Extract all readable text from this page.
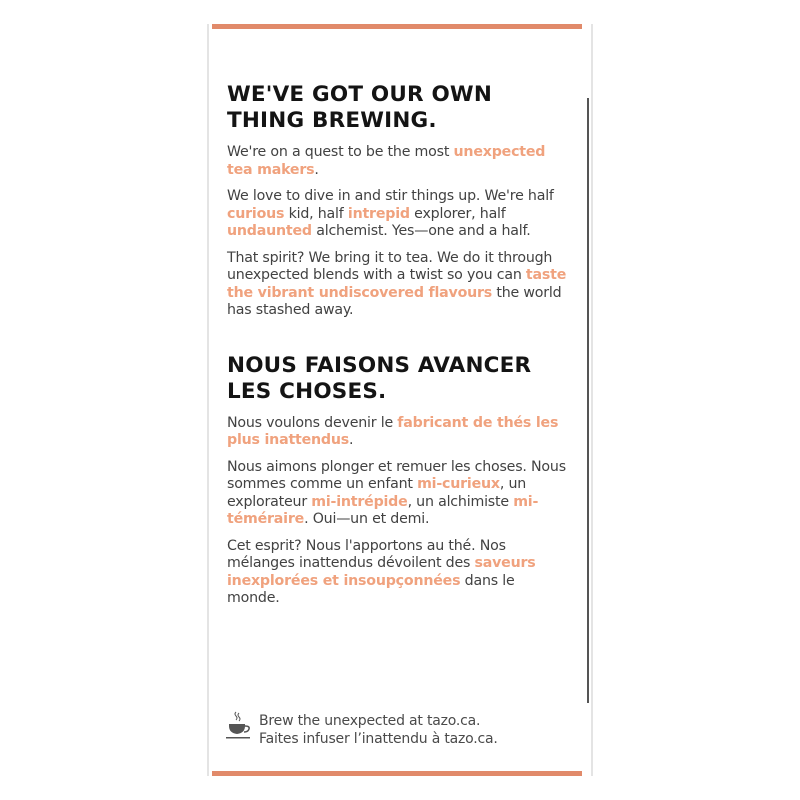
WE'VE GOT OUR OWN
THING BREWING.

We're on a quest to be the most unexpected tea makers.

We love to dive in and stir things up. We're half curious kid, half intrepid explorer, half undaunted alchemist. Yes—one and a half.

That spirit? We bring it to tea. We do it through unexpected blends with a twist so you can taste the vibrant undiscovered flavours the world has stashed away.

NOUS FAISONS AVANCER
LES CHOSES.

Nous voulons devenir le fabricant de thés les plus inattendus.

Nous aimons plonger et remuer les choses. Nous sommes comme un enfant mi-curieux, un explorateur mi-intrépide, un alchimiste mi-téméraire. Oui—un et demi.

Cet esprit? Nous l'apportons au thé. Nos mélanges inattendus dévoilent des saveurs inexplorées et insoupçonnées dans le monde.

Brew the unexpected at tazo.ca.

Faites infuser l’inattendu à tazo.ca.
